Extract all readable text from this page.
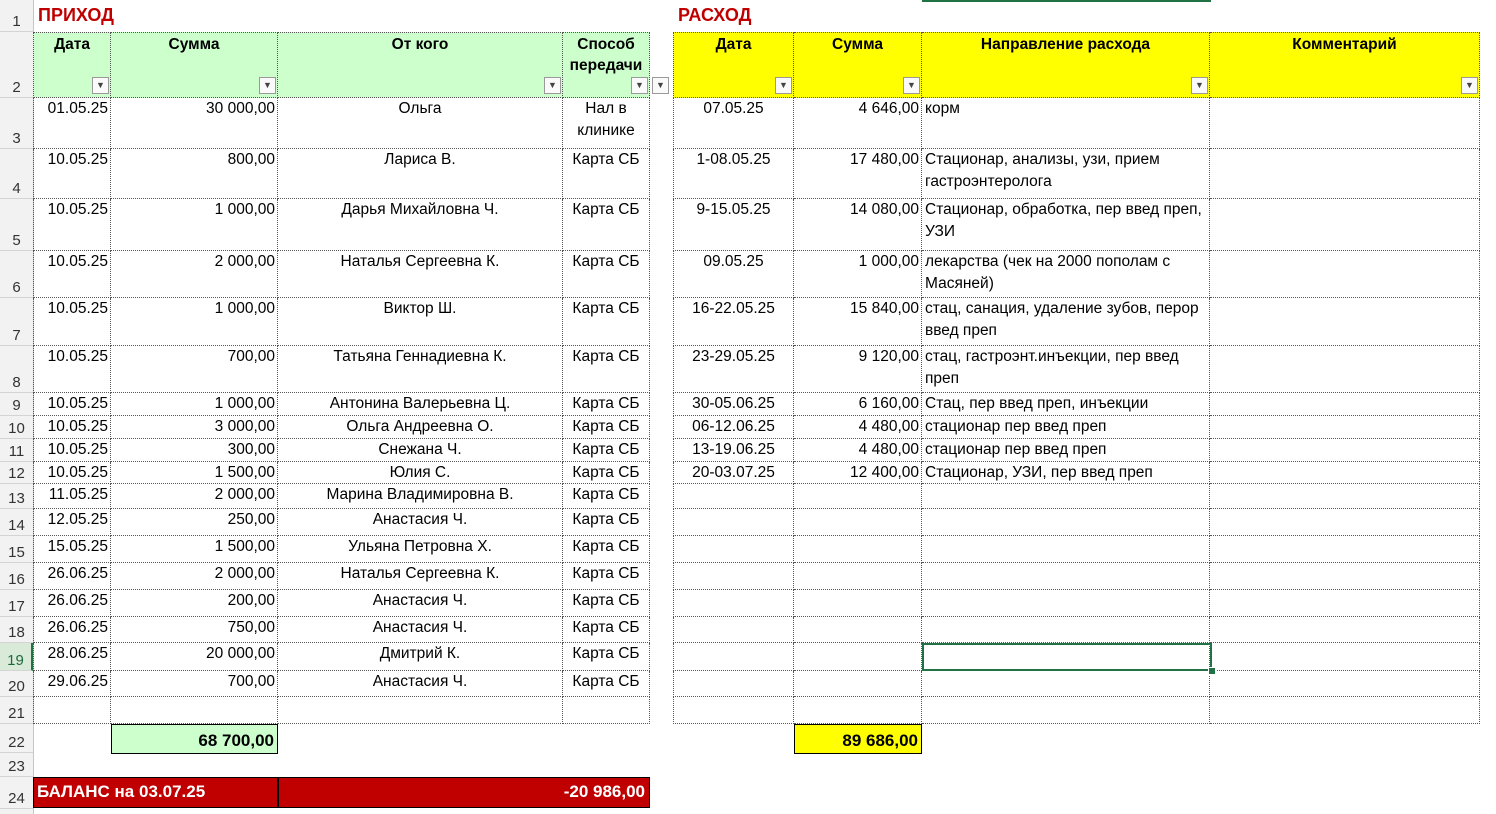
1
2
3
4
5
6
7
8
9
10
11
12
13
14
15
16
17
18
19
20
21
22
23
24
ПРИХОД	РАСХОД
Дата	Сумма	От кого	Способ передачи
▼	▼	▼	▼
Дата	Сумма	Направление расхода	Комментарий
▼	▼	▼	▼
▼
01.05.25	30 000,00	Ольга	Нал в клинике
10.05.25	800,00	Лариса В.	Карта СБ
10.05.25	1 000,00	Дарья Михайловна Ч.	Карта СБ
10.05.25	2 000,00	Наталья Сергеевна К.	Карта СБ
10.05.25	1 000,00	Виктор Ш.	Карта СБ
10.05.25	700,00	Татьяна Геннадиевна К.	Карта СБ
10.05.25	1 000,00	Антонина Валерьевна Ц.	Карта СБ
10.05.25	3 000,00	Ольга Андреевна О.	Карта СБ
10.05.25	300,00	Снежана Ч.	Карта СБ
10.05.25	1 500,00	Юлия С.	Карта СБ
11.05.25	2 000,00	Марина Владимировна В.	Карта СБ
12.05.25	250,00	Анастасия Ч.	Карта СБ
15.05.25	1 500,00	Ульяна Петровна Х.	Карта СБ
26.06.25	2 000,00	Наталья Сергеевна К.	Карта СБ
26.06.25	200,00	Анастасия Ч.	Карта СБ
26.06.25	750,00	Анастасия Ч.	Карта СБ
28.06.25	20 000,00	Дмитрий К.	Карта СБ
29.06.25	700,00	Анастасия Ч.	Карта СБ
07.05.25	4 646,00 корм
1-08.05.25	17 480,00 Стационар, анализы, узи, прием гастроэнтеролога
9-15.05.25	14 080,00 Стационар, обработка, пер введ преп, УЗИ
09.05.25	1 000,00 лекарства (чек на 2000 пополам с Масяней)
16-22.05.25	15 840,00 стац, санация, удаление зубов, перор введ преп
23-29.05.25	9 120,00 стац, гастроэнт.инъекции, пер введ преп
30-05.06.25	6 160,00 Стац, пер введ преп, инъекции
06-12.06.25	4 480,00 стационар пер введ преп
13-19.06.25	4 480,00 стационар пер введ преп
20-03.07.25	12 400,00 Стационар, УЗИ, пер введ преп
68 700,00	89 686,00
БАЛАНС на 03.07.25	-20 986,00
